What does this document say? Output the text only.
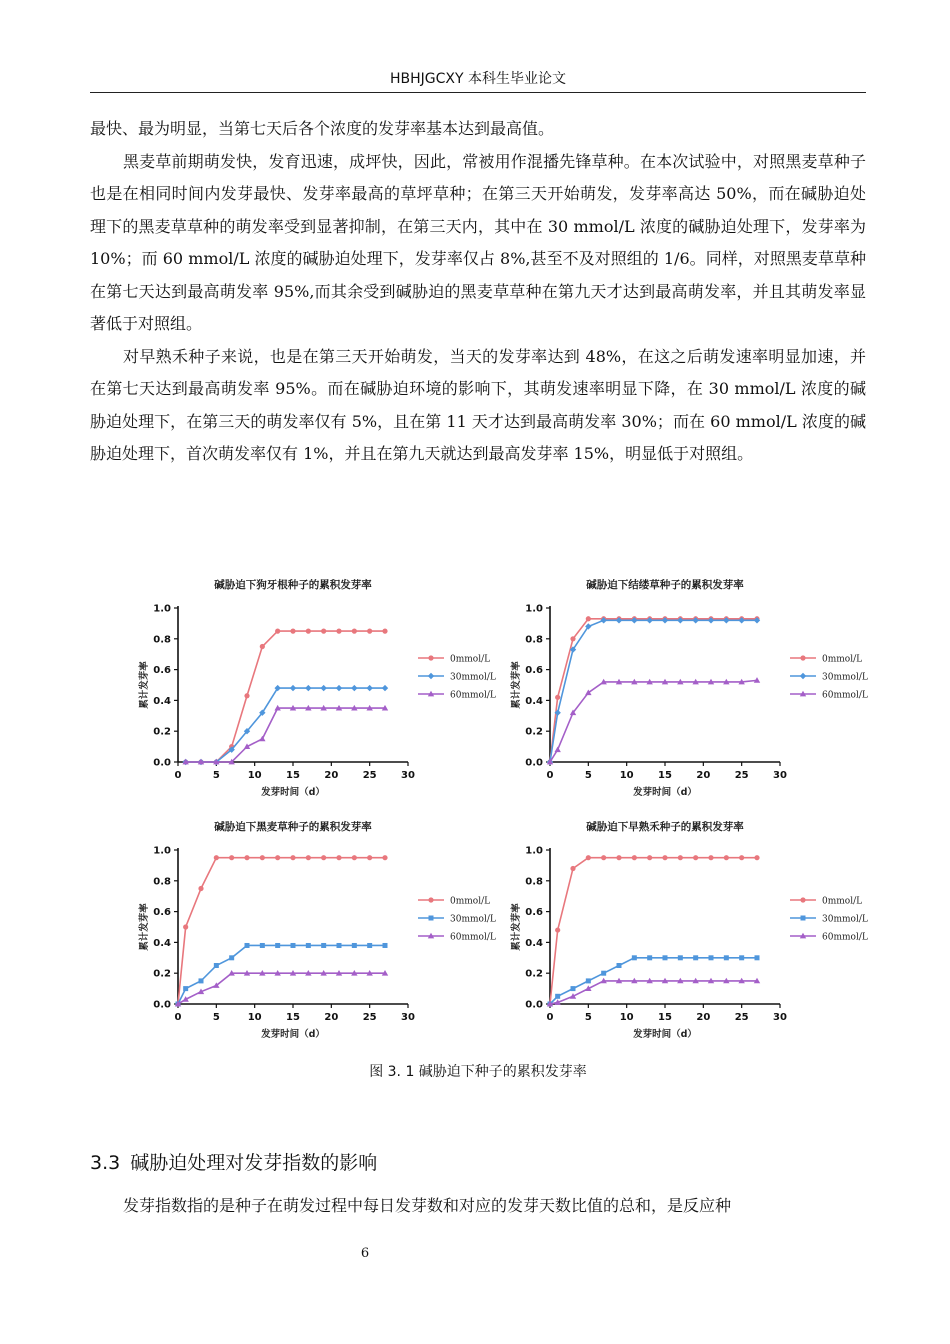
HBHJGCXY 本科生毕业论文

最快、最为明显，当第七天后各个浓度的发芽率基本达到最高值。

黑麦草前期萌发快，发育迅速，成坪快，因此，常被用作混播先锋草种。在本次试验中，对照黑麦草种子也是在相同时间内发芽最快、发芽率最高的草坪草种；在第三天开始萌发，发芽率高达 50%，而在碱胁迫处理下的黑麦草草种的萌发率受到显著抑制，在第三天内，其中在 30 mmol/L 浓度的碱胁迫处理下，发芽率为 10%；而 60 mmol/L 浓度的碱胁迫处理下，发芽率仅占 8%,甚至不及对照组的 1/6。同样，对照黑麦草草种在第七天达到最高萌发率 95%,而其余受到碱胁迫的黑麦草草种在第九天才达到最高萌发率，并且其萌发率显著低于对照组。

对早熟禾种子来说，也是在第三天开始萌发，当天的发芽率达到 48%，在这之后萌发速率明显加速，并在第七天达到最高萌发率 95%。而在碱胁迫环境的影响下，其萌发速率明显下降，在 30 mmol/L 浓度的碱胁迫处理下，在第三天的萌发率仅有 5%，且在第 11 天才达到最高萌发率 30%；而在 60 mmol/L 浓度的碱胁迫处理下，首次萌发率仅有 1%，并且在第九天就达到最高发芽率 15%，明显低于对照组。

碱胁迫下狗牙根种子的累积发芽率
0.0
0.2
0.4
0.6
0.8
1.0
0	5	10 15 20 25 30
发芽时间（d）
累计发芽率
0mmol/L
30mmol/L
60mmol/L
碱胁迫下结缕草种子的累积发芽率
0.0
0.2
0.4
0.6
0.8
1.0
0	5	10 15 20 25 30
发芽时间（d）
累计发芽率
0mmol/L
30mmol/L
60mmol/L
碱胁迫下黑麦草种子的累积发芽率
0.0
0.2
0.4
0.6
0.8
1.0
0	5	10 15 20 25 30
发芽时间（d）
累计发芽率
0mmol/L
30mmol/L
60mmol/L
碱胁迫下早熟禾种子的累积发芽率
0.0
0.2
0.4
0.6
0.8
1.0
0	5	10 15 20 25 30
发芽时间（d）
累计发芽率
0mmol/L
30mmol/L
60mmol/L
图 3. 1 碱胁迫下种子的累积发芽率
3.3 碱胁迫处理对发芽指数的影响

发芽指数指的是种子在萌发过程中每日发芽数和对应的发芽天数比值的总和，是反应种

6
